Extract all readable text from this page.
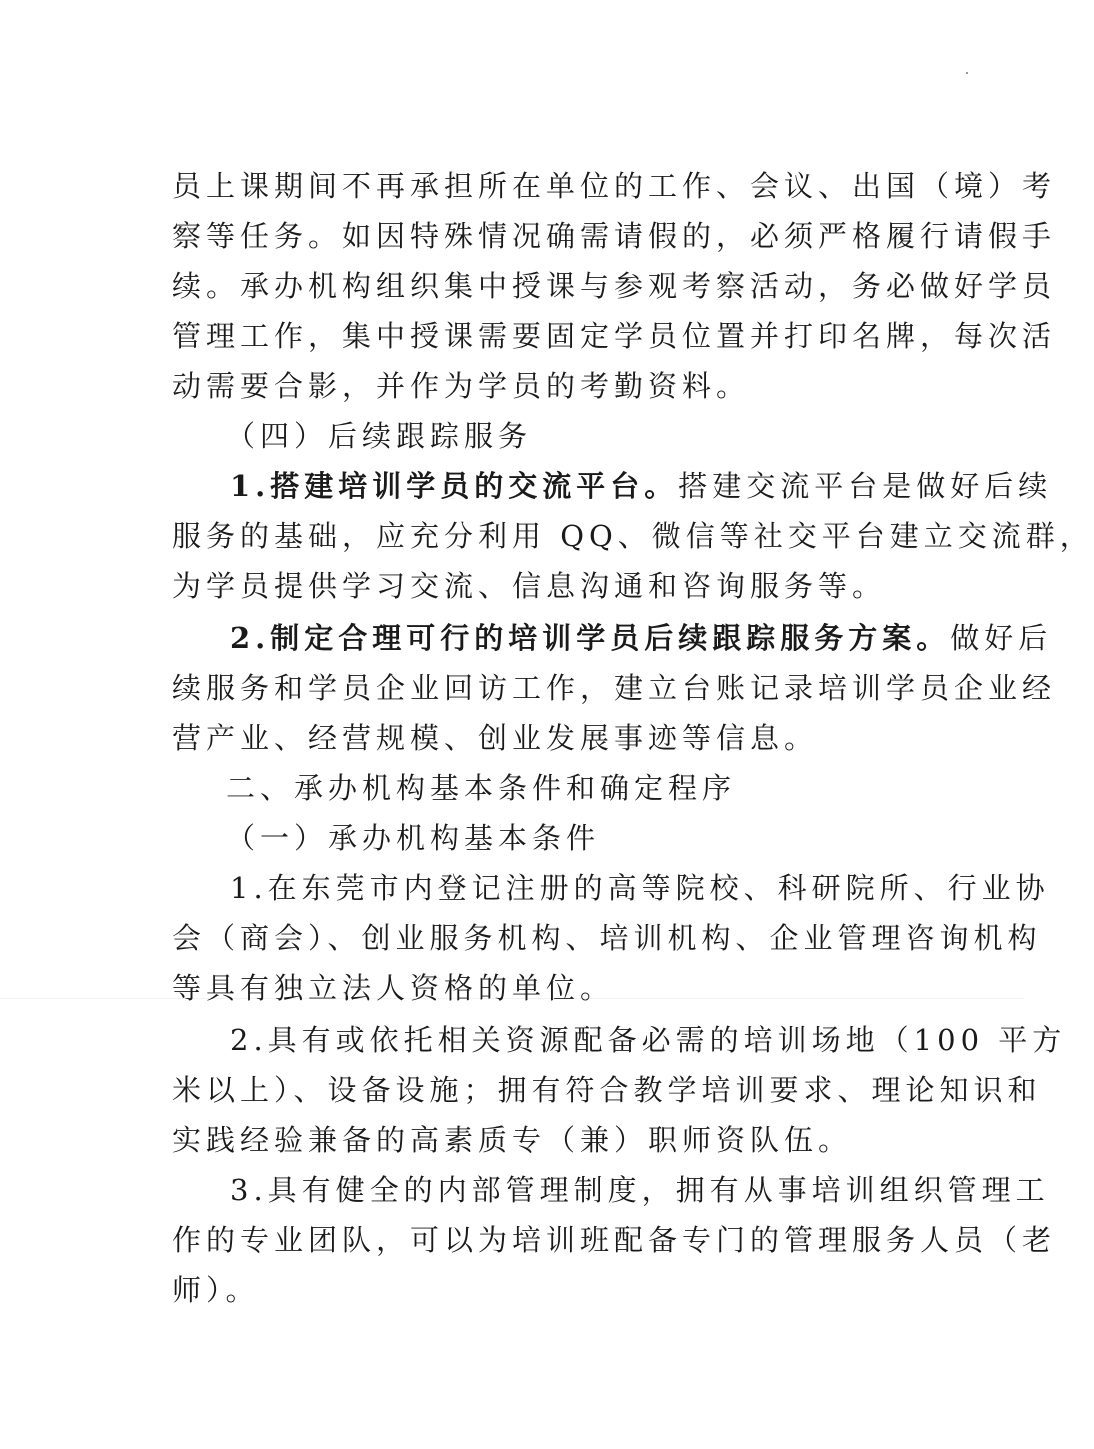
员上课期间不再承担所在单位的工作、会议、出国（境）考
察等任务。如因特殊情况确需请假的，必须严格履行请假手
续。承办机构组织集中授课与参观考察活动，务必做好学员
管理工作，集中授课需要固定学员位置并打印名牌，每次活
动需要合影，并作为学员的考勤资料。
（四）后续跟踪服务
1.搭建培训学员的交流平台。搭建交流平台是做好后续
服务的基础，应充分利用 QQ、微信等社交平台建立交流群，
为学员提供学习交流、信息沟通和咨询服务等。
2.制定合理可行的培训学员后续跟踪服务方案。做好后
续服务和学员企业回访工作，建立台账记录培训学员企业经
营产业、经营规模、创业发展事迹等信息。
二、承办机构基本条件和确定程序
（一）承办机构基本条件
1.在东莞市内登记注册的高等院校、科研院所、行业协
会（商会）、创业服务机构、培训机构、企业管理咨询机构
等具有独立法人资格的单位。
2.具有或依托相关资源配备必需的培训场地（100 平方
米以上）、设备设施；拥有符合教学培训要求、理论知识和
实践经验兼备的高素质专（兼）职师资队伍。
3.具有健全的内部管理制度，拥有从事培训组织管理工
作的专业团队，可以为培训班配备专门的管理服务人员（老
师）。
